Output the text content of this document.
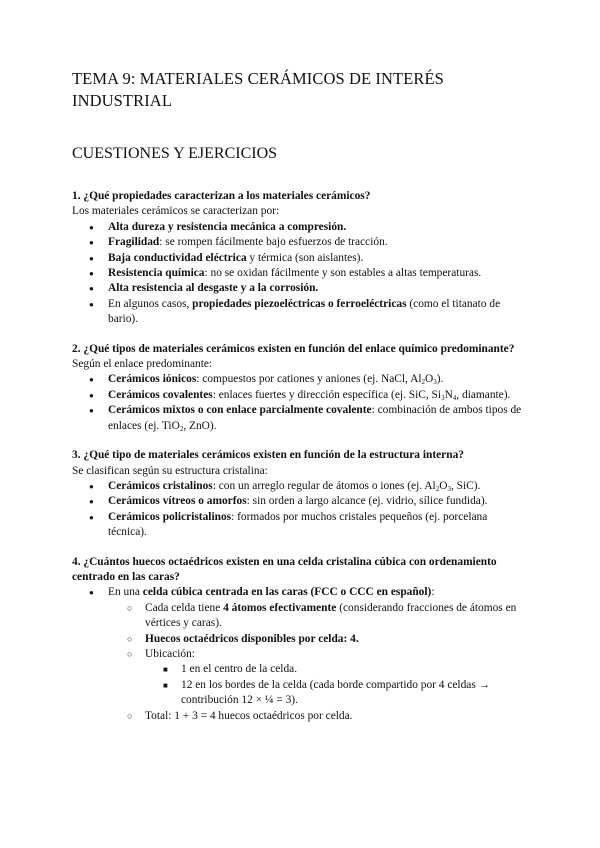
TEMA 9: MATERIALES CERÁMICOS DE INTERÉS INDUSTRIAL
CUESTIONES Y EJERCICIOS

1. ¿Qué propiedades caracterizan a los materiales cerámicos?

Los materiales cerámicos se caracterizan por:

● Alta dureza y resistencia mecánica a compresión.
● Fragilidad: se rompen fácilmente bajo esfuerzos de tracción.
● Baja conductividad eléctrica y térmica (son aislantes).
● Resistencia química: no se oxidan fácilmente y son estables a altas temperaturas.
● Alta resistencia al desgaste y a la corrosión.
● En algunos casos, propiedades piezoeléctricas o ferroeléctricas (como el titanato de bario).

2. ¿Qué tipos de materiales cerámicos existen en función del enlace químico predominante?

Según el enlace predominante:

● Cerámicos iónicos: compuestos por cationes y aniones (ej. NaCl, $Al_2O_3$).
● Cerámicos covalentes: enlaces fuertes y dirección específica (ej. SiC, $Si_3N_4$, diamante).
● Cerámicos mixtos o con enlace parcialmente covalente: combinación de ambos tipos de enlaces (ej. TiO$_2$, ZnO).

3. ¿Qué tipo de materiales cerámicos existen en función de la estructura interna?

Se clasifican según su estructura cristalina:

● Cerámicos cristalinos: con un arreglo regular de átomos o iones (ej. $Al_2O_3$, SiC).
● Cerámicos vítreos o amorfos: sin orden a largo alcance (ej. vidrio, sílice fundida).
● Cerámicos policristalinos: formados por muchos cristales pequeños (ej. porcelana técnica).

4. ¿Cuántos huecos octaédricos existen en una celda cristalina cúbica con ordenamiento centrado en las caras?

● En una celda cúbica centrada en las caras (FCC o CCC en español):
○ Cada celda tiene 4 átomos efectivamente (considerando fracciones de átomos en vértices y caras).
○ Huecos octaédricos disponibles por celda: 4.
○ Ubicación:
■ 1 en el centro de la celda.
■ 12 en los bordes de la celda (cada borde compartido por 4 celdas → contribución 12 × ¼ = 3).
○ Total: 1 + 3 = 4 huecos octaédricos por celda.
